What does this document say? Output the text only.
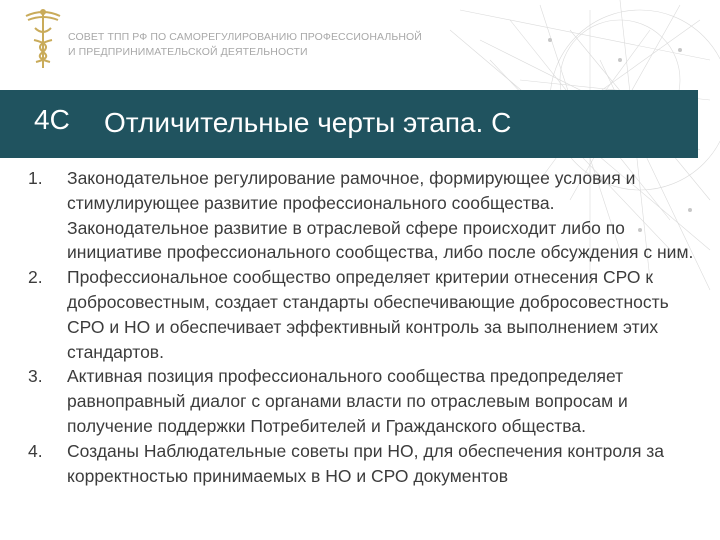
СОВЕТ ТПП РФ ПО САМОРЕГУЛИРОВАНИЮ ПРОФЕССИОНАЛЬНОЙ
И ПРЕДПРИНИМАТЕЛЬСКОЙ ДЕЯТЕЛЬНОСТИ
4С Отличительные черты этапа. С
1. Законодательное регулирование рамочное, формирующее условия и стимулирующее развитие профессионального сообщества. Законодательное развитие в отраслевой сфере происходит либо по инициативе профессионального сообщества, либо после обсуждения с ним.
2. Профессиональное сообщество определяет критерии отнесения СРО к добросовестным, создает стандарты обеспечивающие добросовестность СРО и НО и обеспечивает эффективный контроль за выполнением этих стандартов.
3. Активная позиция профессионального сообщества предопределяет равноправный диалог с органами власти по отраслевым вопросам и получение поддержки Потребителей и Гражданского общества.
4. Созданы Наблюдательные советы при НО, для обеспечения контроля за корректностью принимаемых в НО и СРО документов
